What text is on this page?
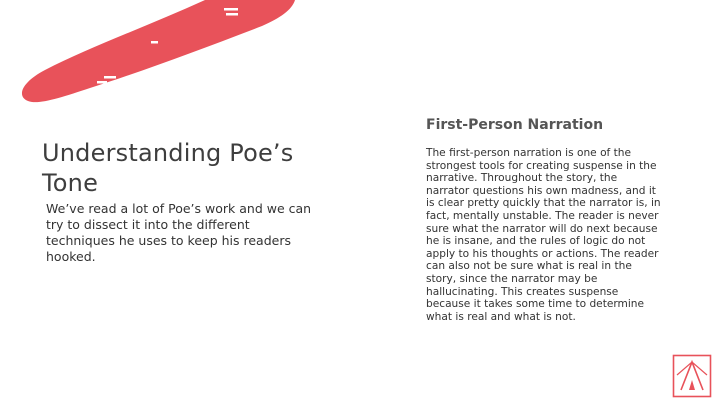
Understanding Poe’s Tone

We’ve read a lot of Poe’s work and we can try to dissect it into the different techniques he uses to keep his readers hooked.

First-Person Narration

The first-person narration is one of the strongest tools for creating suspense in the narrative. Throughout the story, the narrator questions his own madness, and it is clear pretty quickly that the narrator is, in fact, mentally unstable. The reader is never sure what the narrator will do next because he is insane, and the rules of logic do not apply to his thoughts or actions. The reader can also not be sure what is real in the story, since the narrator may be hallucinating. This creates suspense because it takes some time to determine what is real and what is not.
